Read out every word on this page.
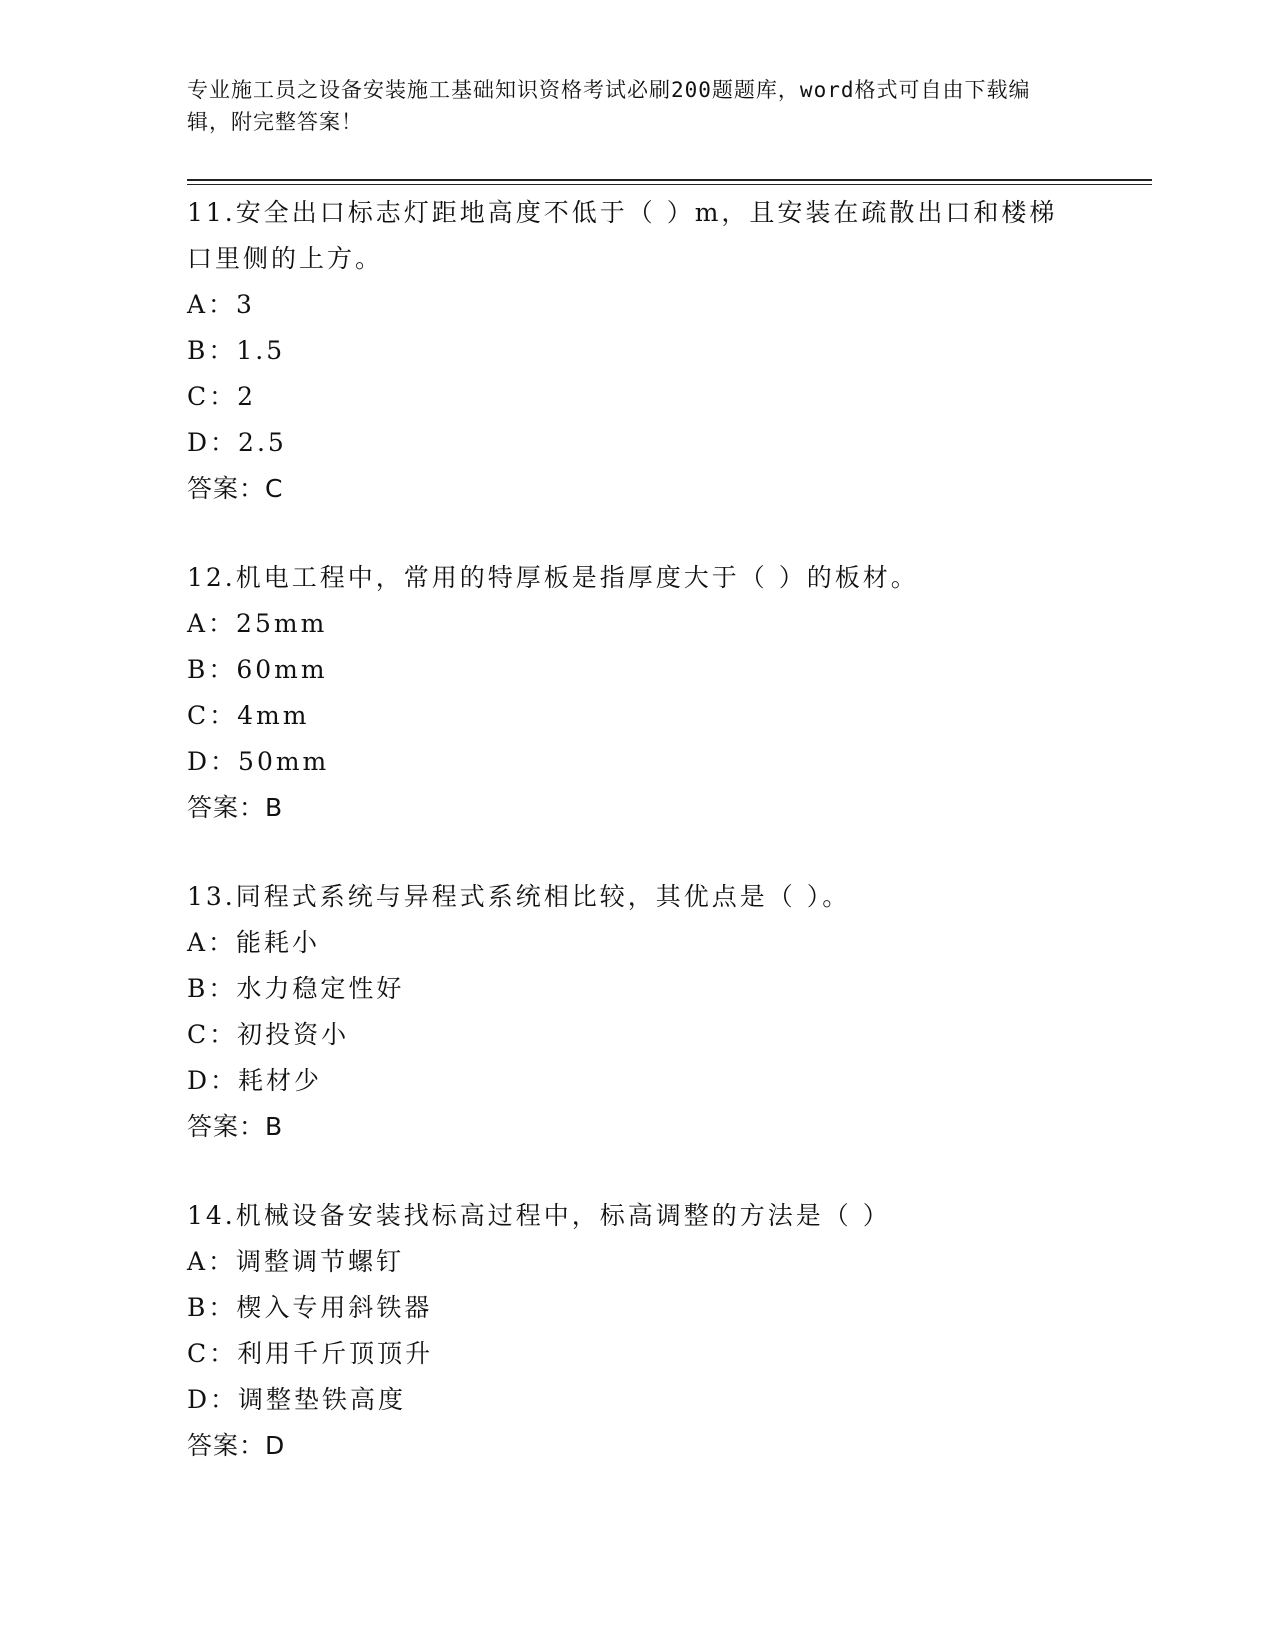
专业施工员之设备安装施工基础知识资格考试必刷200题题库，word格式可自由下载编辑，附完整答案！
11.安全出口标志灯距地高度不低于（ ）m，且安装在疏散出口和楼梯口里侧的上方。
A：3
B：1.5
C：2
D：2.5
答案：C
12.机电工程中，常用的特厚板是指厚度大于（ ）的板材。
A：25mm
B：60mm
C：4mm
D：50mm
答案：B
13.同程式系统与异程式系统相比较，其优点是（ ）。
A：能耗小
B：水力稳定性好
C：初投资小
D：耗材少
答案：B
14.机械设备安装找标高过程中，标高调整的方法是（ ）
A：调整调节螺钉
B：楔入专用斜铁器
C：利用千斤顶顶升
D：调整垫铁高度
答案：D
